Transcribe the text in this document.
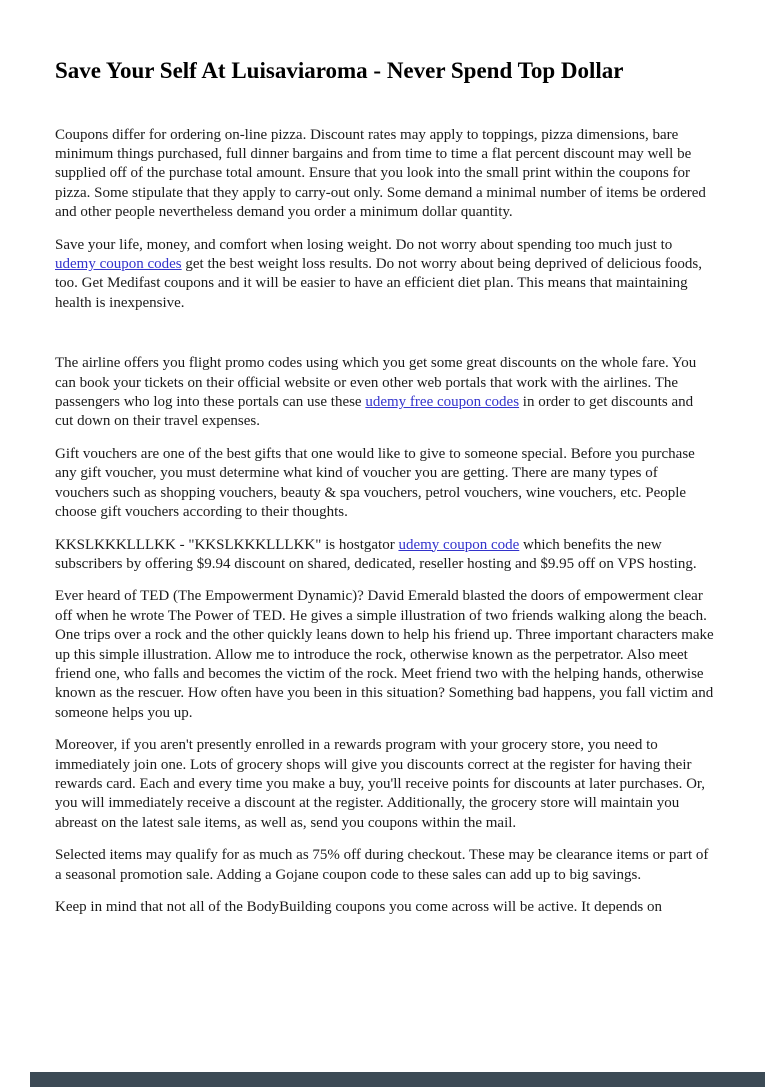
Save Your Self At Luisaviaroma - Never Spend Top Dollar

Coupons differ for ordering on-line pizza. Discount rates may apply to toppings, pizza dimensions, bare minimum things purchased, full dinner bargains and from time to time a flat percent discount may well be supplied off of the purchase total amount. Ensure that you look into the small print within the coupons for pizza. Some stipulate that they apply to carry-out only. Some demand a minimal number of items be ordered and other people nevertheless demand you order a minimum dollar quantity.

Save your life, money, and comfort when losing weight. Do not worry about spending too much just to udemy coupon codes get the best weight loss results. Do not worry about being deprived of delicious foods, too. Get Medifast coupons and it will be easier to have an efficient diet plan. This means that maintaining health is inexpensive.

The airline offers you flight promo codes using which you get some great discounts on the whole fare. You can book your tickets on their official website or even other web portals that work with the airlines. The passengers who log into these portals can use these udemy free coupon codes in order to get discounts and cut down on their travel expenses.

Gift vouchers are one of the best gifts that one would like to give to someone special. Before you purchase any gift voucher, you must determine what kind of voucher you are getting. There are many types of vouchers such as shopping vouchers, beauty & spa vouchers, petrol vouchers, wine vouchers, etc. People choose gift vouchers according to their thoughts.

KKSLKKKLLLKK - "KKSLKKKLLLKK" is hostgator udemy coupon code which benefits the new subscribers by offering $9.94 discount on shared, dedicated, reseller hosting and $9.95 off on VPS hosting.

Ever heard of TED (The Empowerment Dynamic)? David Emerald blasted the doors of empowerment clear off when he wrote The Power of TED. He gives a simple illustration of two friends walking along the beach. One trips over a rock and the other quickly leans down to help his friend up. Three important characters make up this simple illustration. Allow me to introduce the rock, otherwise known as the perpetrator. Also meet friend one, who falls and becomes the victim of the rock. Meet friend two with the helping hands, otherwise known as the rescuer. How often have you been in this situation? Something bad happens, you fall victim and someone helps you up.

Moreover, if you aren't presently enrolled in a rewards program with your grocery store, you need to immediately join one. Lots of grocery shops will give you discounts correct at the register for having their rewards card. Each and every time you make a buy, you'll receive points for discounts at later purchases. Or, you will immediately receive a discount at the register. Additionally, the grocery store will maintain you abreast on the latest sale items, as well as, send you coupons within the mail.

Selected items may qualify for as much as 75% off during checkout. These may be clearance items or part of a seasonal promotion sale. Adding a Gojane coupon code to these sales can add up to big savings.

Keep in mind that not all of the BodyBuilding coupons you come across will be active. It depends on
